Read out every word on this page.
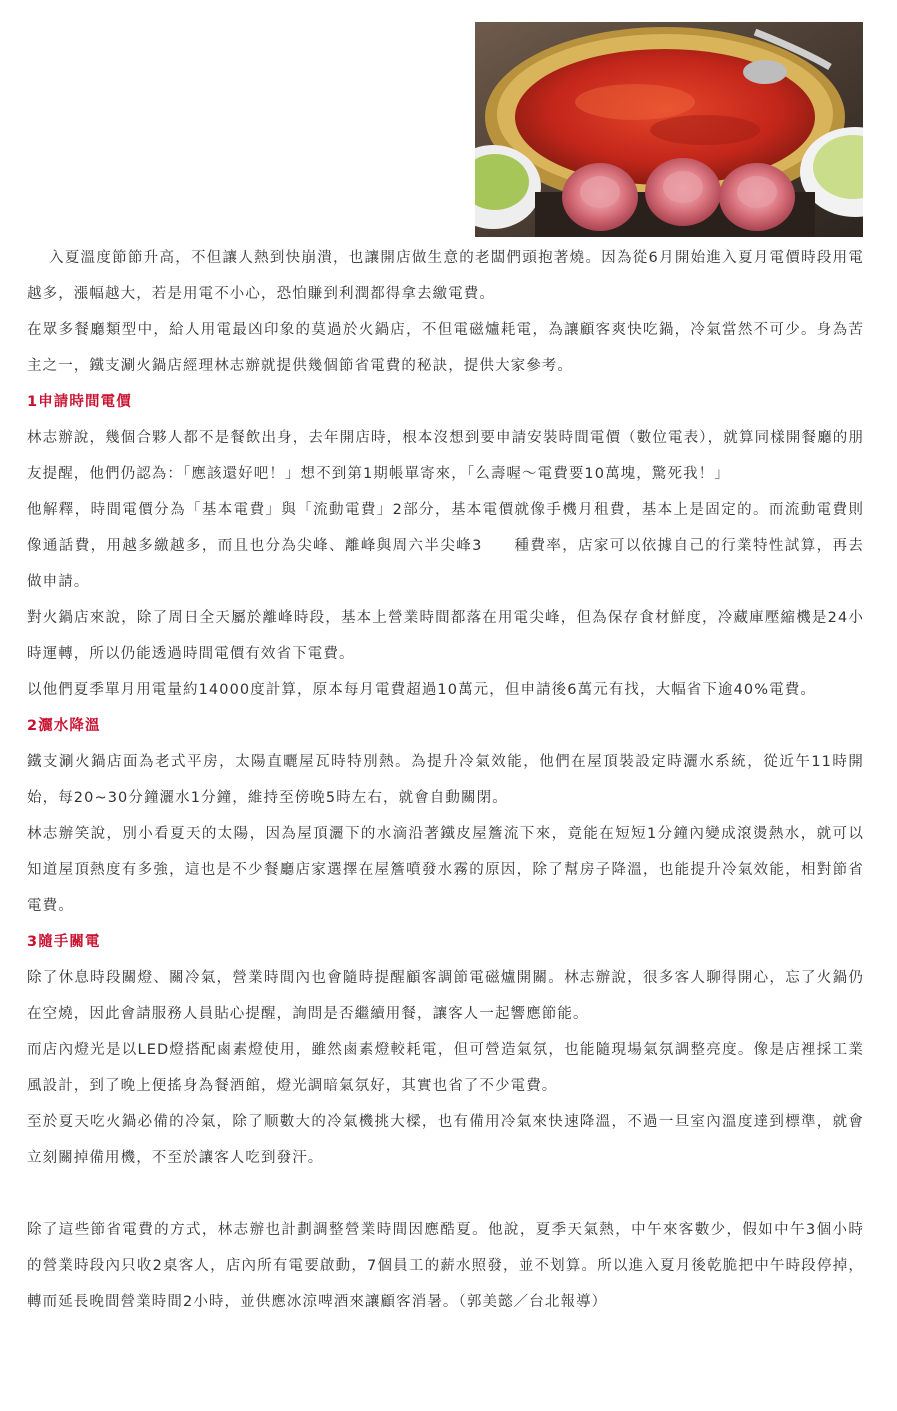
入夏溫度節節升高，不但讓人熱到快崩潰，也讓開店做生意的老闆們頭抱著燒。因為從6月開始進入夏月電價時段用電越多，漲幅越大，若是用電不小心，恐怕賺到利潤都得拿去繳電費。

在眾多餐廳類型中，給人用電最凶印象的莫過於火鍋店，不但電磁爐耗電，為讓顧客爽快吃鍋，冷氣當然不可少。身為苦主之一，鐵支涮火鍋店經理林志辦就提供幾個節省電費的秘訣，提供大家參考。

1申請時間電價

林志辦說，幾個合夥人都不是餐飲出身，去年開店時，根本沒想到要申請安裝時間電價（數位電表），就算同樣開餐廳的朋友提醒，他們仍認為：「應該還好吧！」想不到第1期帳單寄來，「么壽喔～電費要10萬塊，驚死我！」

他解釋，時間電價分為「基本電費」與「流動電費」2部分，基本電價就像手機月租費，基本上是固定的。而流動電費則像通話費，用越多繳越多，而且也分為尖峰、離峰與周六半尖峰3　　種費率，店家可以依據自己的行業特性試算，再去做申請。

對火鍋店來說，除了周日全天屬於離峰時段，基本上營業時間都落在用電尖峰，但為保存食材鮮度，冷藏庫壓縮機是24小時運轉，所以仍能透過時間電價有效省下電費。

以他們夏季單月用電量約14000度計算，原本每月電費超過10萬元，但申請後6萬元有找，大幅省下逾40%電費。

2灑水降溫

鐵支涮火鍋店面為老式平房，太陽直曬屋瓦時特別熱。為提升冷氣效能，他們在屋頂裝設定時灑水系統，從近午11時開始，每20~30分鐘灑水1分鐘，維持至傍晚5時左右，就會自動關閉。

林志辦笑說，別小看夏天的太陽，因為屋頂灑下的水滴沿著鐵皮屋簷流下來，竟能在短短1分鐘內變成滾燙熱水，就可以知道屋頂熱度有多強，這也是不少餐廳店家選擇在屋簷噴發水霧的原因，除了幫房子降溫，也能提升冷氣效能，相對節省電費。

3隨手關電

除了休息時段關燈、關冷氣，營業時間內也會隨時提醒顧客調節電磁爐開關。林志辦說，很多客人聊得開心，忘了火鍋仍在空燒，因此會請服務人員貼心提醒，詢問是否繼續用餐，讓客人一起響應節能。

而店內燈光是以LED燈搭配鹵素燈使用，雖然鹵素燈較耗電，但可營造氣氛，也能隨現場氣氛調整亮度。像是店裡採工業風設計，到了晚上便搖身為餐酒館，燈光調暗氣氛好，其實也省了不少電費。

至於夏天吃火鍋必備的冷氣，除了顺數大的冷氣機挑大樑，也有備用冷氣來快速降溫，不過一旦室內溫度達到標準，就會立刻關掉備用機，不至於讓客人吃到發汗。

除了這些節省電費的方式，林志辦也計劃調整營業時間因應酷夏。他說，夏季天氣熱，中午來客數少，假如中午3個小時的營業時段內只收2桌客人，店內所有電要啟動，7個員工的薪水照發，並不划算。所以進入夏月後乾脆把中午時段停掉，轉而延長晚間營業時間2小時，並供應冰涼啤酒來讓顧客消暑。（郭美懿／台北報導）
